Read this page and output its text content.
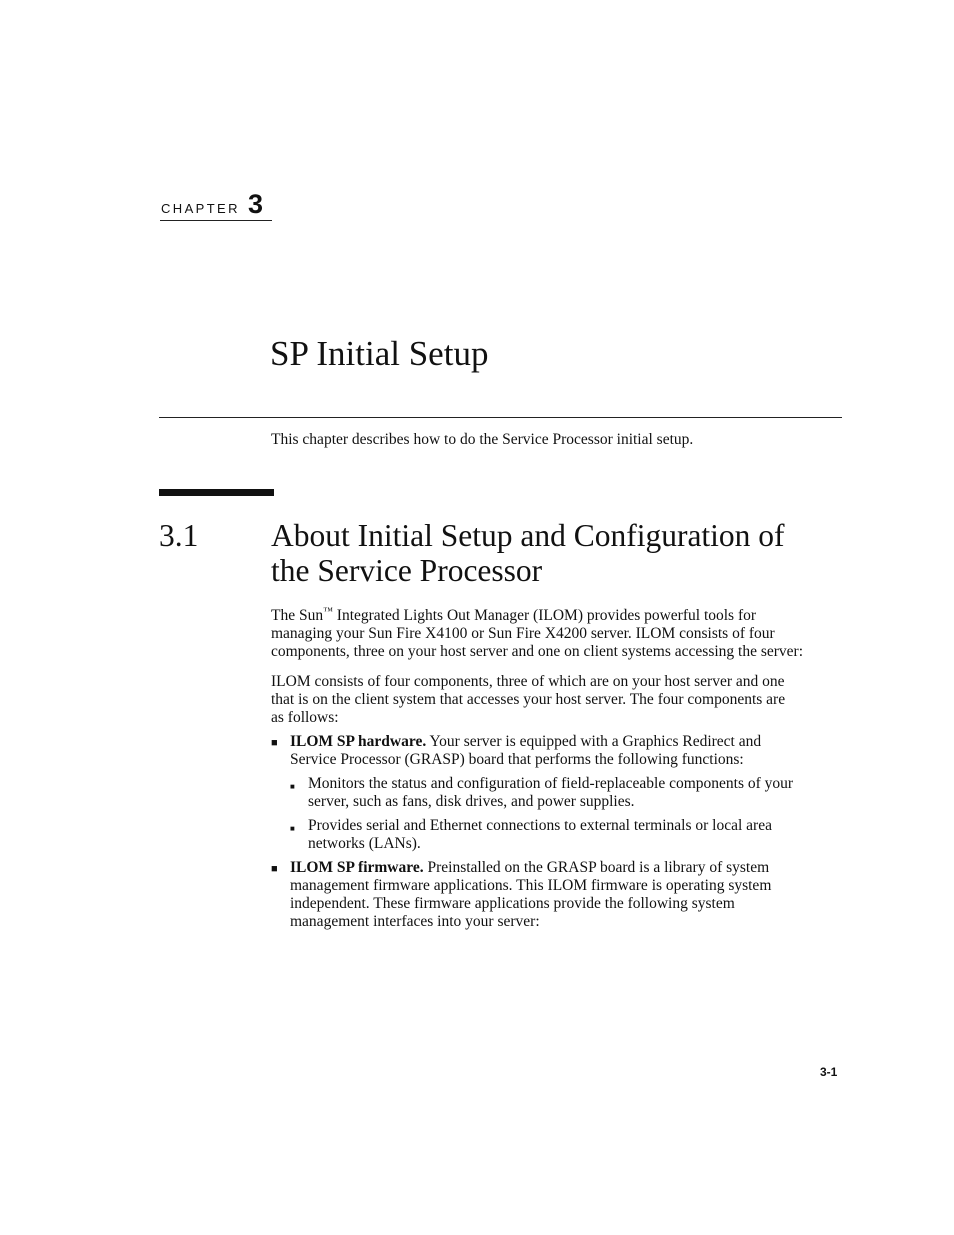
CHAPTER 3
SP Initial Setup
This chapter describes how to do the Service Processor initial setup.
3.1 About Initial Setup and Configuration of
the Service Processor
The Sun™ Integrated Lights Out Manager (ILOM) provides powerful tools for
managing your Sun Fire X4100 or Sun Fire X4200 server. ILOM consists of four
components, three on your host server and one on client systems accessing the server:
ILOM consists of four components, three of which are on your host server and one
that is on the client system that accesses your host server. The four components are
as follows:
■ ILOM SP hardware. Your server is equipped with a Graphics Redirect and
Service Processor (GRASP) board that performs the following functions:
■ Monitors the status and configuration of field-replaceable components of your
server, such as fans, disk drives, and power supplies.
■ Provides serial and Ethernet connections to external terminals or local area
networks (LANs).
■ ILOM SP firmware. Preinstalled on the GRASP board is a library of system
management firmware applications. This ILOM firmware is operating system
independent. These firmware applications provide the following system
management interfaces into your server:
3-1
